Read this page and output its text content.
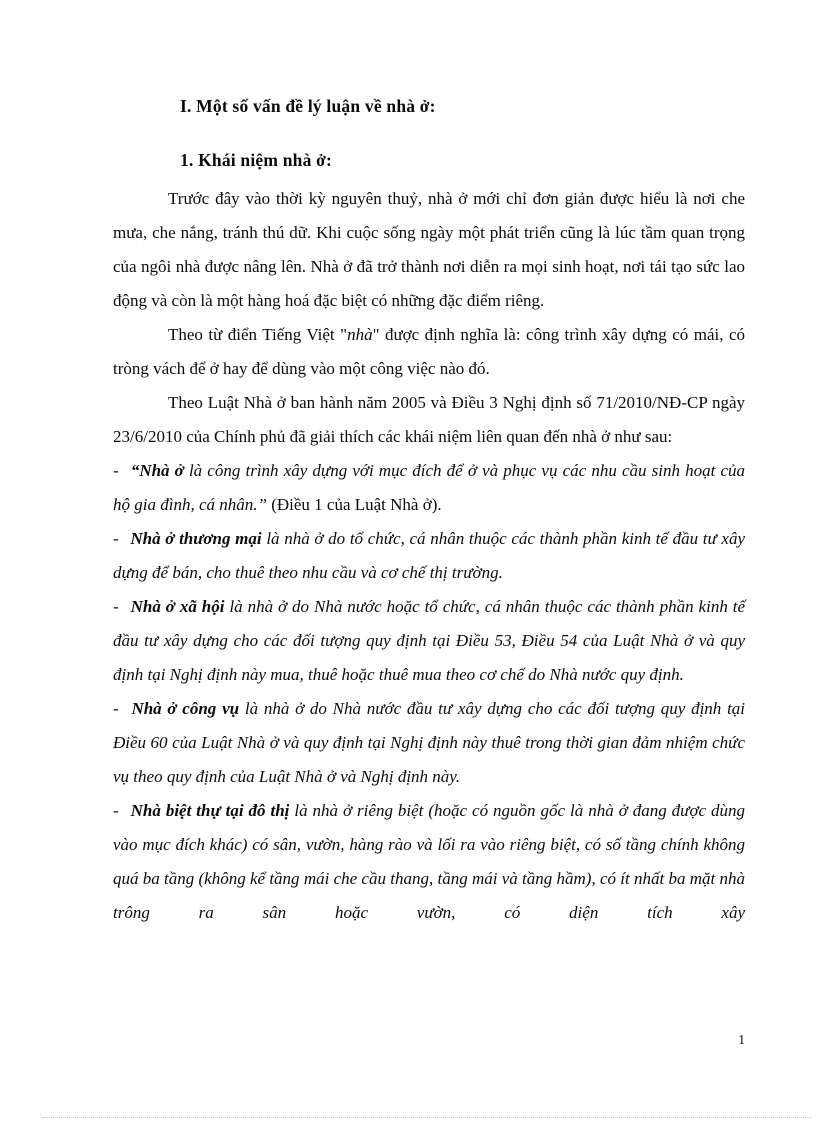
I. Một số vấn đề lý luận về nhà ở:
1. Khái niệm nhà ở:

Trước đây vào thời kỳ nguyên thuỷ, nhà ở mới chỉ đơn giản được hiểu là nơi che mưa, che nắng, tránh thú dữ. Khi cuộc sống ngày một phát triển cũng là lúc tầm quan trọng của ngôi nhà được nâng lên. Nhà ở đã trở thành nơi diễn ra mọi sinh hoạt, nơi tái tạo sức lao động và còn là một hàng hoá đặc biệt có những đặc điểm riêng.

Theo từ điển Tiếng Việt "nhà" được định nghĩa là: công trình xây dựng có mái, có tròng vách để ở hay để dùng vào một công việc nào đó.

Theo Luật Nhà ở ban hành năm 2005 và Điều 3 Nghị định số 71/2010/NĐ-CP ngày 23/6/2010 của Chính phủ đã giải thích các khái niệm liên quan đến nhà ở như sau:

- “Nhà ở là công trình xây dựng với mục đích để ở và phục vụ các nhu cầu sinh hoạt của hộ gia đình, cá nhân.” (Điều 1 của Luật Nhà ở).

- Nhà ở thương mại là nhà ở do tổ chức, cá nhân thuộc các thành phần kinh tế đầu tư xây dựng để bán, cho thuê theo nhu cầu và cơ chế thị trường.

- Nhà ở xã hội là nhà ở do Nhà nước hoặc tổ chức, cá nhân thuộc các thành phần kinh tế đầu tư xây dựng cho các đối tượng quy định tại Điều 53, Điều 54 của Luật Nhà ở và quy định tại Nghị định này mua, thuê hoặc thuê mua theo cơ chế do Nhà nước quy định.

- Nhà ở công vụ là nhà ở do Nhà nước đầu tư xây dựng cho các đối tượng quy định tại Điều 60 của Luật Nhà ở và quy định tại Nghị định này thuê trong thời gian đảm nhiệm chức vụ theo quy định của Luật Nhà ở và Nghị định này.

- Nhà biệt thự tại đô thị là nhà ở riêng biệt (hoặc có nguồn gốc là nhà ở đang được dùng vào mục đích khác) có sân, vườn, hàng rào và lối ra vào riêng biệt, có số tầng chính không quá ba tầng (không kể tầng mái che cầu thang, tầng mái và tầng hầm), có ít nhất ba mặt nhà trông ra sân hoặc vườn, có diện tích xây

1
